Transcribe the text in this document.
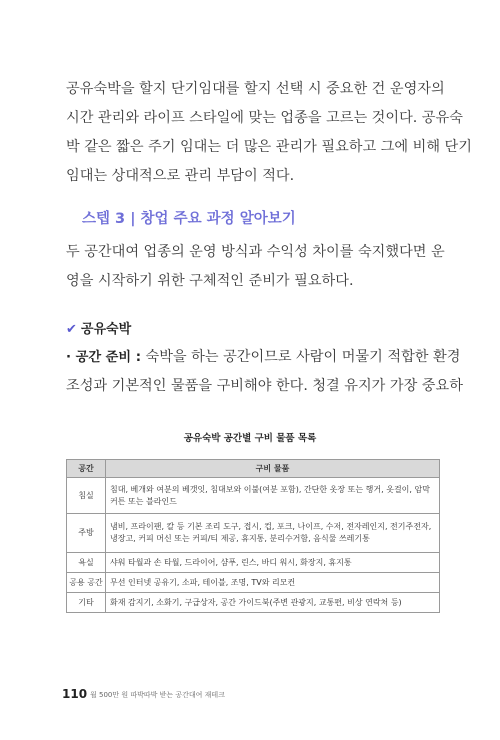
공유숙박을 할지 단기임대를 할지 선택 시 중요한 건 운영자의
시간 관리와 라이프 스타일에 맞는 업종을 고르는 것이다. 공유숙
박 같은 짧은 주기 임대는 더 많은 관리가 필요하고 그에 비해 단기
임대는 상대적으로 관리 부담이 적다.
스텝 3 | 창업 주요 과정 알아보기
두 공간대여 업종의 운영 방식과 수익성 차이를 숙지했다면 운
영을 시작하기 위한 구체적인 준비가 필요하다.
✔ 공유숙박
· 공간 준비 : 숙박을 하는 공간이므로 사람이 머물기 적합한 환경
조성과 기본적인 물품을 구비해야 한다. 청결 유지가 가장 중요하
공유숙박 공간별 구비 물품 목록
공간	구비 물품
침실	침대, 베개와 여분의 베갯잇, 침대보와 이불(여분 포함), 간단한 옷장 또는 행거, 옷걸이, 암막 커튼 또는 블라인드
주방	냄비, 프라이팬, 칼 등 기본 조리 도구, 접시, 컵, 포크, 나이프, 수저, 전자레인지, 전기주전자, 냉장고, 커피 머신 또는 커피/티 제공, 휴지통, 분리수거함, 음식물 쓰레기통
욕실	샤워 타월과 손 타월, 드라이어, 샴푸, 린스, 바디 워시, 화장지, 휴지통
공용 공간	무선 인터넷 공유기, 소파, 테이블, 조명, TV와 리모컨
기타	화재 감지기, 소화기, 구급상자, 공간 가이드북(주변 관광지, 교통편, 비상 연락처 등)
110 월 500만 원 따박따박 받는 공간대여 재테크
